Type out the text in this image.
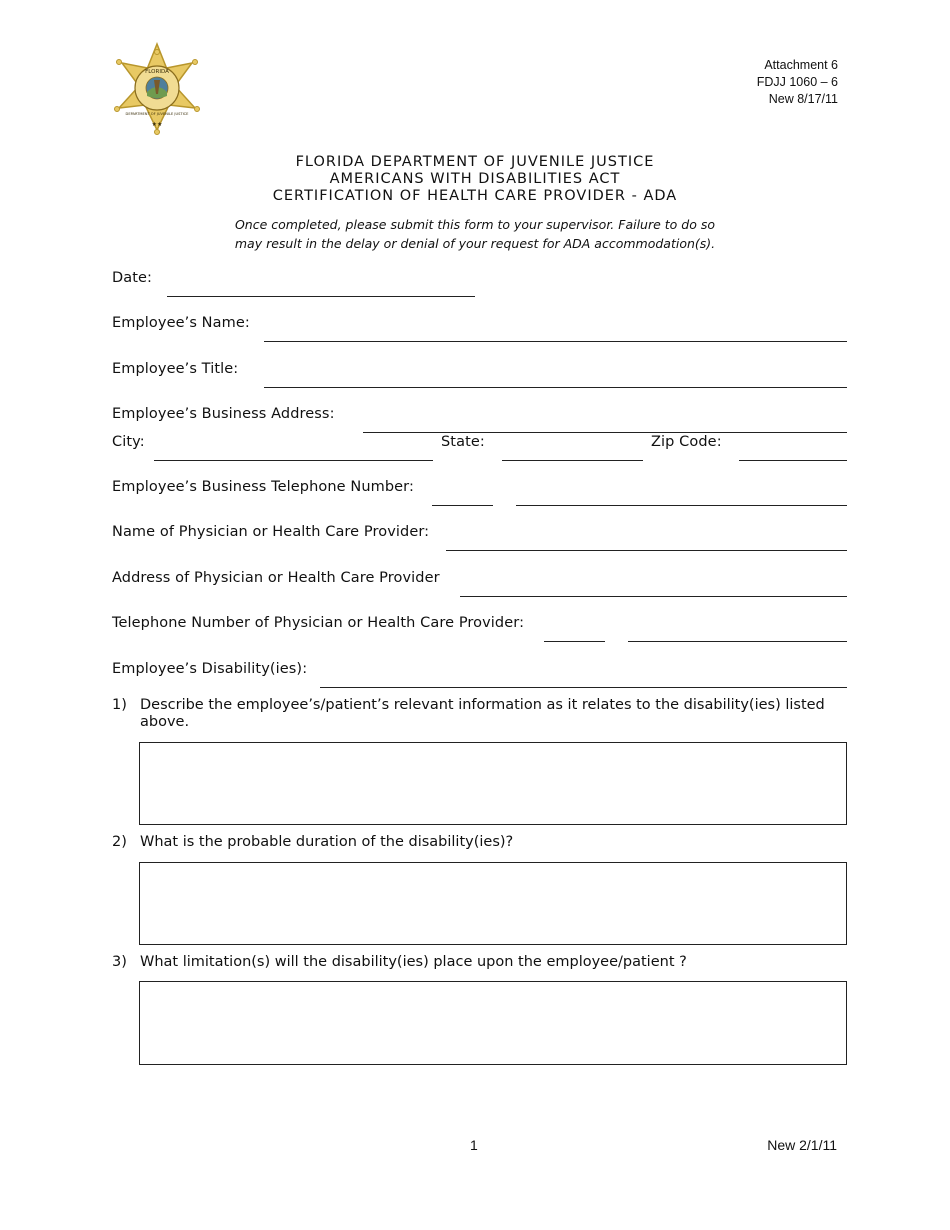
FLORIDA
DEPARTMENT OF JUVENILE JUSTICE
★★
Attachment 6
FDJJ 1060 – 6
New 8/17/11
FLORIDA DEPARTMENT OF JUVENILE JUSTICE
AMERICANS WITH DISABILITIES ACT
CERTIFICATION OF HEALTH CARE PROVIDER - ADA
Once completed, please submit this form to your supervisor. Failure to do so
may result in the delay or denial of your request for ADA accommodation(s).
Date:
Employee’s Name:
Employee’s Title:
Employee’s Business Address:
City:	State:	Zip Code:
Employee’s Business Telephone Number:
Name of Physician or Health Care Provider:
Address of Physician or Health Care Provider
Telephone Number of Physician or Health Care Provider:
Employee’s Disability(ies):
1) Describe the employee’s/patient’s relevant information as it relates to the disability(ies) listed above.
2) What is the probable duration of the disability(ies)?
3) What limitation(s) will the disability(ies) place upon the employee/patient ?
1	New 2/1/11
